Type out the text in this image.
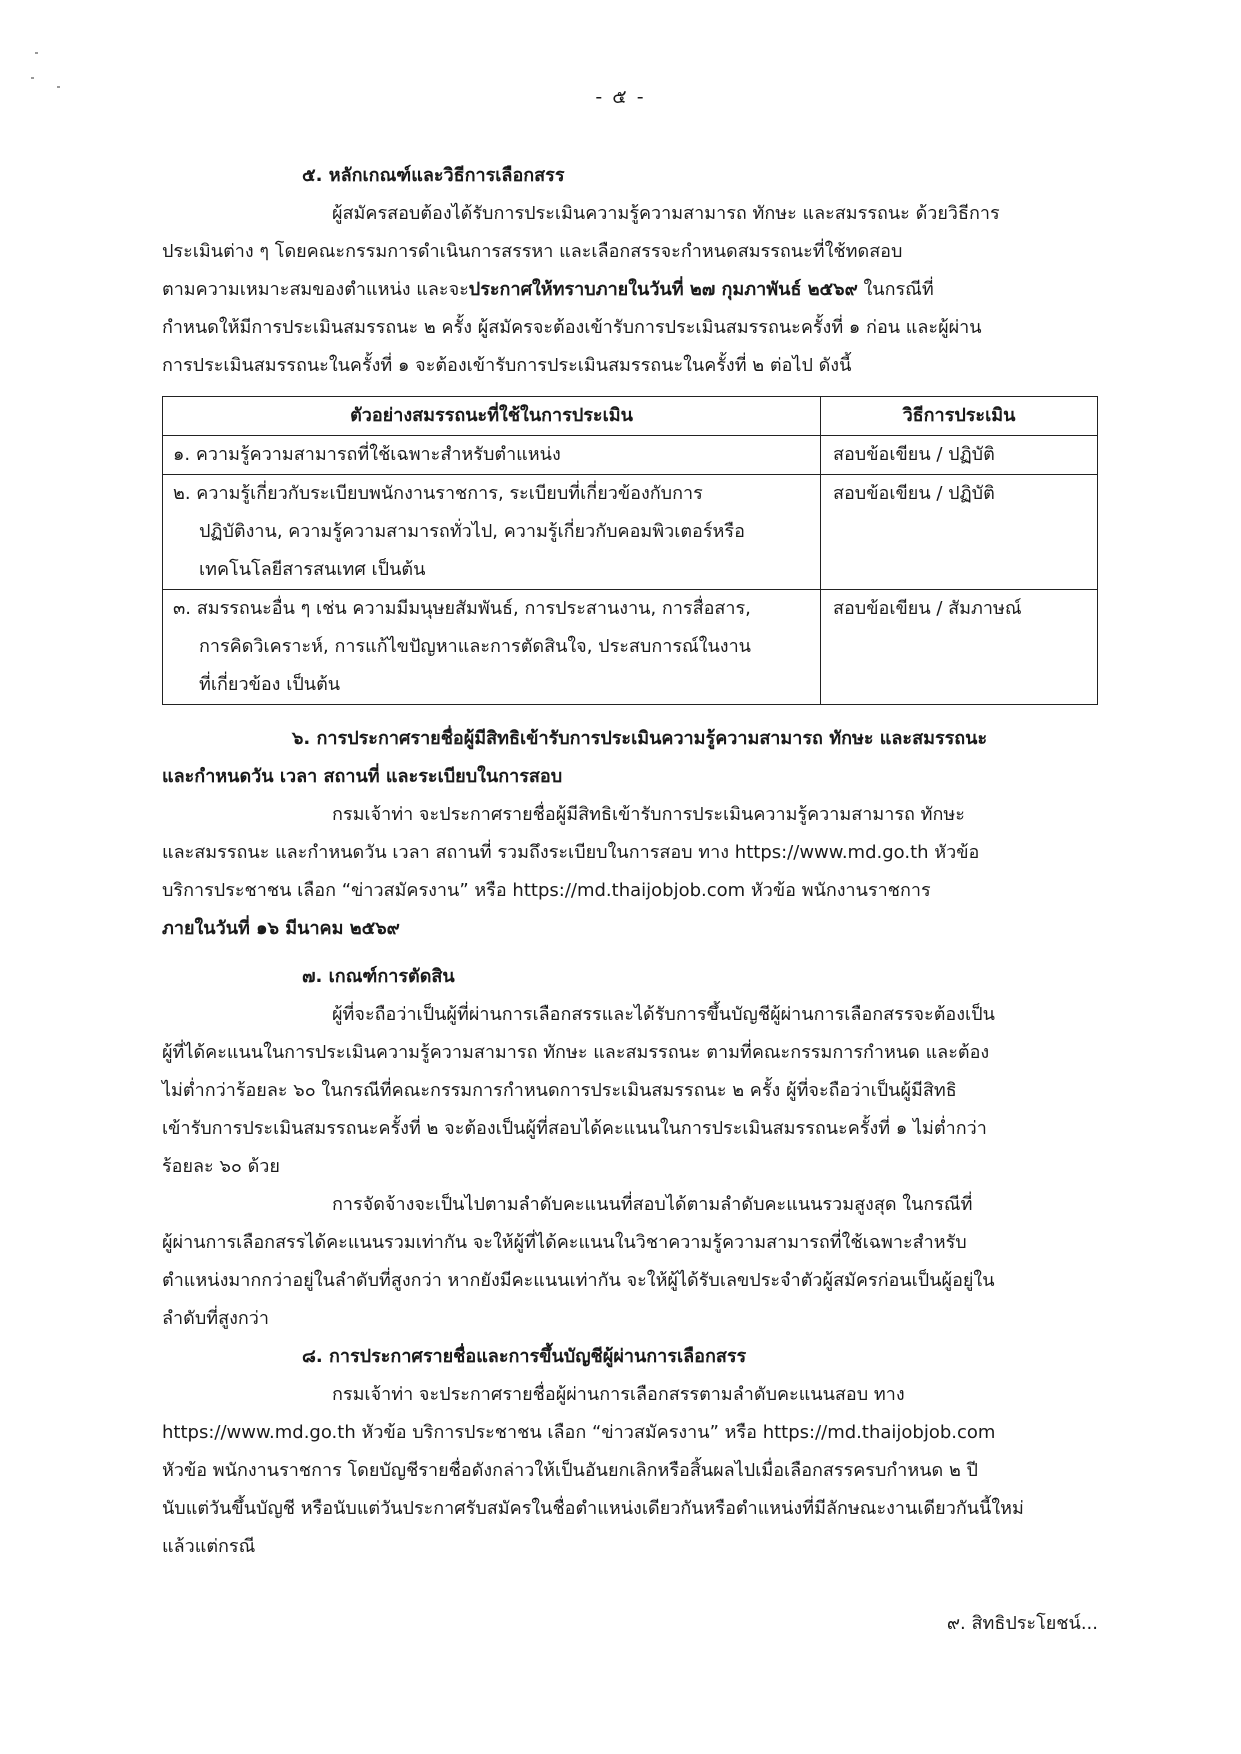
- ๕ -
๕. หลักเกณฑ์และวิธีการเลือกสรร
ผู้สมัครสอบต้องได้รับการประเมินความรู้ความสามารถ ทักษะ และสมรรถนะ ด้วยวิธีการ
ประเมินต่าง ๆ โดยคณะกรรมการดำเนินการสรรหา และเลือกสรรจะกำหนดสมรรถนะที่ใช้ทดสอบ
ตามความเหมาะสมของตำแหน่ง และจะประกาศให้ทราบภายในวันที่ ๒๗ กุมภาพันธ์ ๒๕๖๙ ในกรณีที่
กำหนดให้มีการประเมินสมรรถนะ ๒ ครั้ง ผู้สมัครจะต้องเข้ารับการประเมินสมรรถนะครั้งที่ ๑ ก่อน และผู้ผ่าน
การประเมินสมรรถนะในครั้งที่ ๑ จะต้องเข้ารับการประเมินสมรรถนะในครั้งที่ ๒ ต่อไป ดังนี้
ตัวอย่างสมรรถนะที่ใช้ในการประเมิน	วิธีการประเมิน

๑. ความรู้ความสามารถที่ใช้เฉพาะสำหรับตำแหน่ง	สอบข้อเขียน / ปฏิบัติ

๒. ความรู้เกี่ยวกับระเบียบพนักงานราชการ, ระเบียบที่เกี่ยวข้องกับการ
ปฏิบัติงาน, ความรู้ความสามารถทั่วไป, ความรู้เกี่ยวกับคอมพิวเตอร์หรือ
เทคโนโลยีสารสนเทศ เป็นต้น	สอบข้อเขียน / ปฏิบัติ

๓. สมรรถนะอื่น ๆ เช่น ความมีมนุษยสัมพันธ์, การประสานงาน, การสื่อสาร,
การคิดวิเคราะห์, การแก้ไขปัญหาและการตัดสินใจ, ประสบการณ์ในงาน
ที่เกี่ยวข้อง เป็นต้น	สอบข้อเขียน / สัมภาษณ์
๖. การประกาศรายชื่อผู้มีสิทธิเข้ารับการประเมินความรู้ความสามารถ ทักษะ และสมรรถนะ
และกำหนดวัน เวลา สถานที่ และระเบียบในการสอบ
กรมเจ้าท่า จะประกาศรายชื่อผู้มีสิทธิเข้ารับการประเมินความรู้ความสามารถ ทักษะ
และสมรรถนะ และกำหนดวัน เวลา สถานที่ รวมถึงระเบียบในการสอบ ทาง https://www.md.go.th หัวข้อ
บริการประชาชน เลือก “ข่าวสมัครงาน” หรือ https://md.thaijobjob.com หัวข้อ พนักงานราชการ
ภายในวันที่ ๑๖ มีนาคม ๒๕๖๙
๗. เกณฑ์การตัดสิน
ผู้ที่จะถือว่าเป็นผู้ที่ผ่านการเลือกสรรและได้รับการขึ้นบัญชีผู้ผ่านการเลือกสรรจะต้องเป็น
ผู้ที่ได้คะแนนในการประเมินความรู้ความสามารถ ทักษะ และสมรรถนะ ตามที่คณะกรรมการกำหนด และต้อง
ไม่ต่ำกว่าร้อยละ ๖๐ ในกรณีที่คณะกรรมการกำหนดการประเมินสมรรถนะ ๒ ครั้ง ผู้ที่จะถือว่าเป็นผู้มีสิทธิ
เข้ารับการประเมินสมรรถนะครั้งที่ ๒ จะต้องเป็นผู้ที่สอบได้คะแนนในการประเมินสมรรถนะครั้งที่ ๑ ไม่ต่ำกว่า
ร้อยละ ๖๐ ด้วย
การจัดจ้างจะเป็นไปตามลำดับคะแนนที่สอบได้ตามลำดับคะแนนรวมสูงสุด ในกรณีที่
ผู้ผ่านการเลือกสรรได้คะแนนรวมเท่ากัน จะให้ผู้ที่ได้คะแนนในวิชาความรู้ความสามารถที่ใช้เฉพาะสำหรับ
ตำแหน่งมากกว่าอยู่ในลำดับที่สูงกว่า หากยังมีคะแนนเท่ากัน จะให้ผู้ได้รับเลขประจำตัวผู้สมัครก่อนเป็นผู้อยู่ใน
ลำดับที่สูงกว่า
๘. การประกาศรายชื่อและการขึ้นบัญชีผู้ผ่านการเลือกสรร
กรมเจ้าท่า จะประกาศรายชื่อผู้ผ่านการเลือกสรรตามลำดับคะแนนสอบ ทาง
https://www.md.go.th หัวข้อ บริการประชาชน เลือก “ข่าวสมัครงาน” หรือ https://md.thaijobjob.com
หัวข้อ พนักงานราชการ โดยบัญชีรายชื่อดังกล่าวให้เป็นอันยกเลิกหรือสิ้นผลไปเมื่อเลือกสรรครบกำหนด ๒ ปี
นับแต่วันขึ้นบัญชี หรือนับแต่วันประกาศรับสมัครในชื่อตำแหน่งเดียวกันหรือตำแหน่งที่มีลักษณะงานเดียวกันนี้ใหม่
แล้วแต่กรณี
๙. สิทธิประโยชน์...
